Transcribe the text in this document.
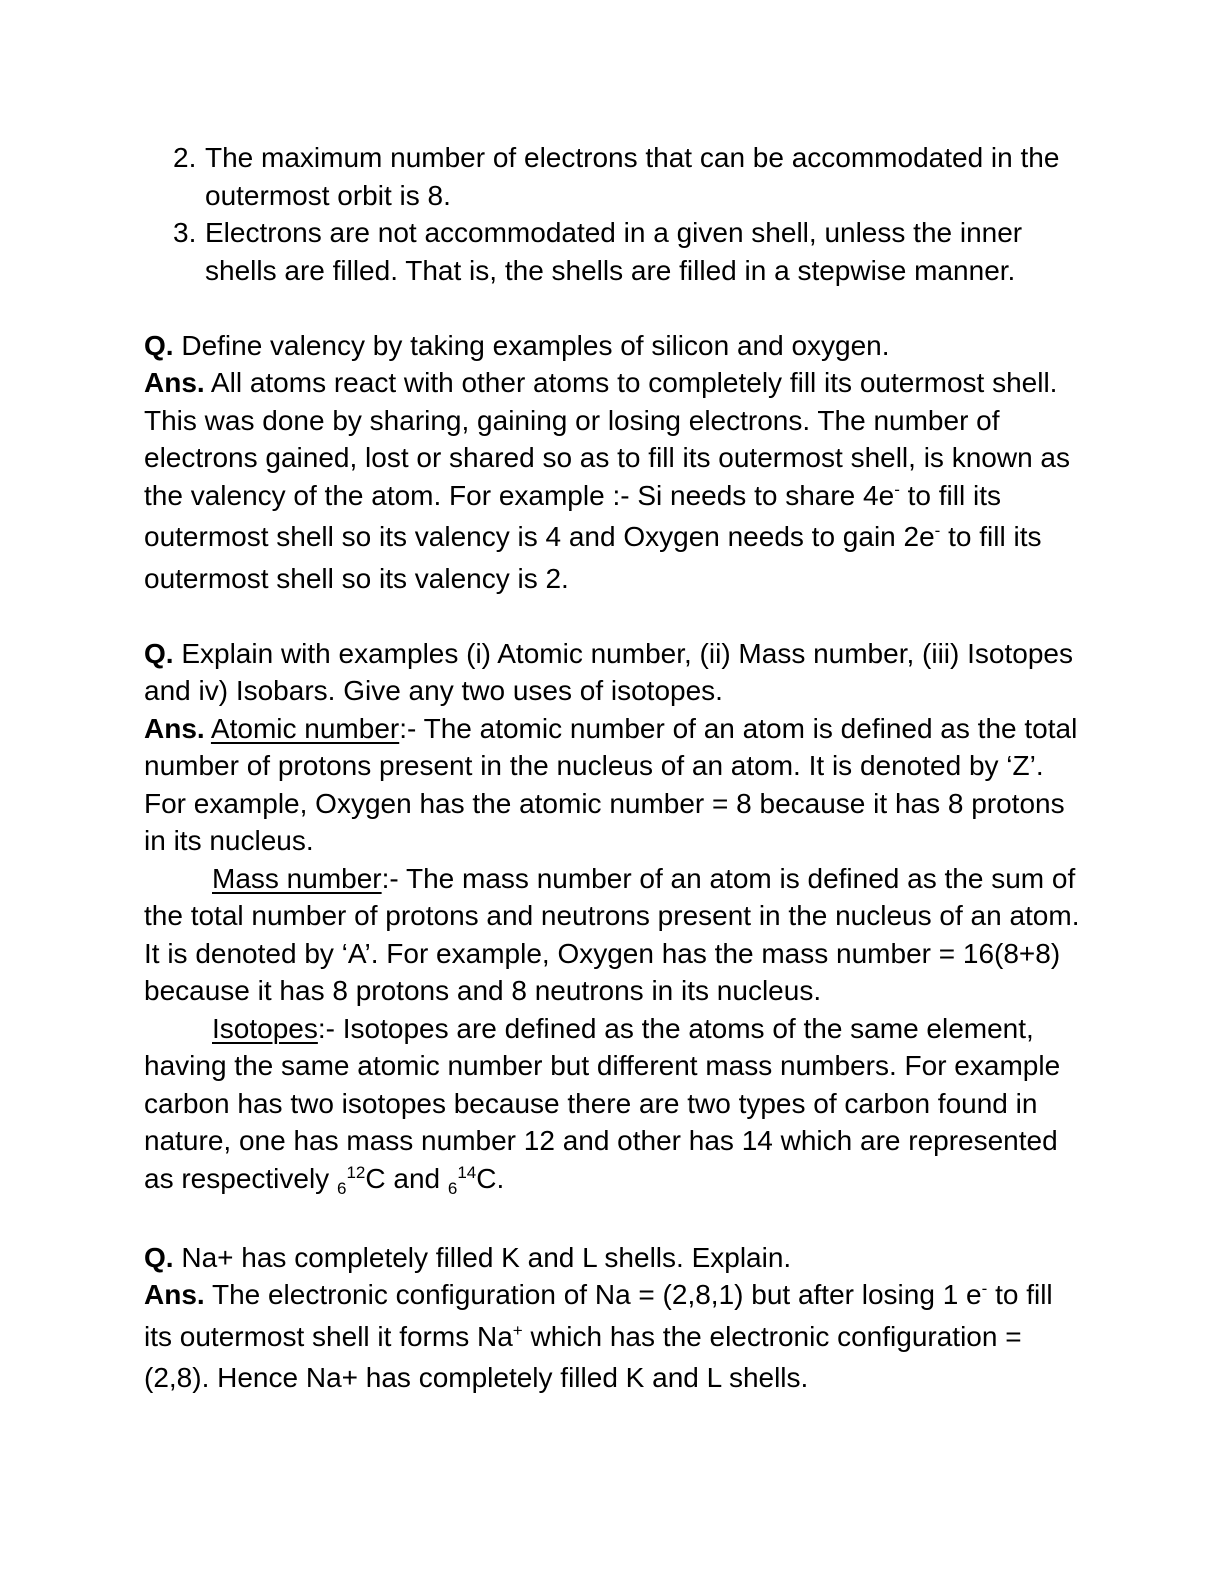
2. The maximum number of electrons that can be accommodated in the outermost orbit is 8.
3. Electrons are not accommodated in a given shell, unless the inner shells are filled. That is, the shells are filled in a stepwise manner.

Q. Define valency by taking examples of silicon and oxygen.

Ans. All atoms react with other atoms to completely fill its outermost shell. This was done by sharing, gaining or losing electrons. The number of electrons gained, lost or shared so as to fill its outermost shell, is known as the valency of the atom. For example :- Si needs to share 4e- to fill its outermost shell so its valency is 4 and Oxygen needs to gain 2e- to fill its outermost shell so its valency is 2.

Q. Explain with examples (i) Atomic number, (ii) Mass number, (iii) Isotopes and iv) Isobars. Give any two uses of isotopes.

Ans. Atomic number:- The atomic number of an atom is defined as the total number of protons present in the nucleus of an atom. It is denoted by ‘Z’. For example, Oxygen has the atomic number = 8 because it has 8 protons in its nucleus.

Mass number:- The mass number of an atom is defined as the sum of the total number of protons and neutrons present in the nucleus of an atom. It is denoted by ‘A’. For example, Oxygen has the mass number = 16(8+8) because it has 8 protons and 8 neutrons in its nucleus.

Isotopes:- Isotopes are defined as the atoms of the same element, having the same atomic number but different mass numbers. For example carbon has two isotopes because there are two types of carbon found in nature, one has mass number 12 and other has 14 which are represented as respectively $_6^{12}$C and $_6^{14}$C.

Q. Na+ has completely filled K and L shells. Explain.

Ans. The electronic configuration of Na = (2,8,1) but after losing 1 e- to fill its outermost shell it forms Na+ which has the electronic configuration = (2,8). Hence Na+ has completely filled K and L shells.
